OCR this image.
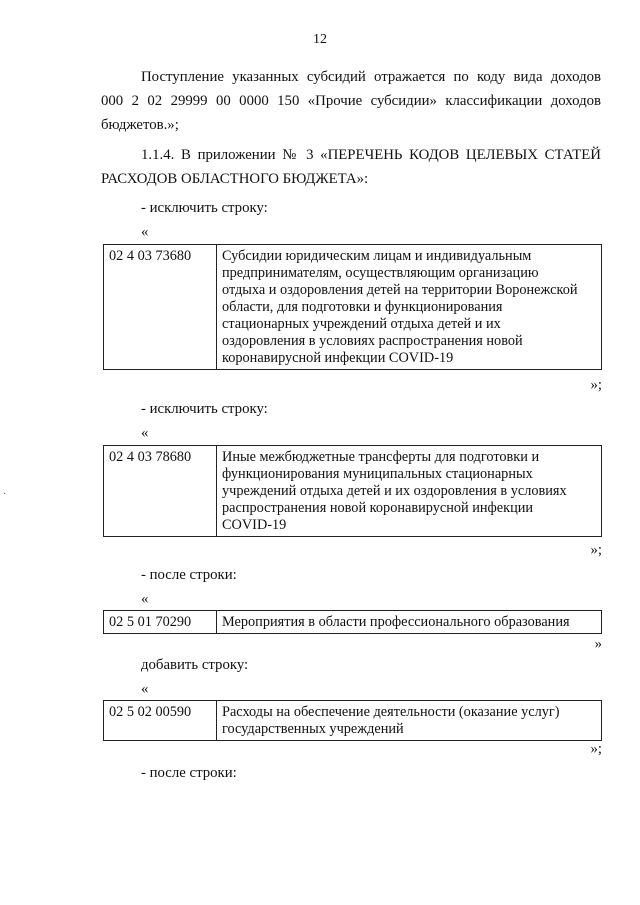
12
Поступление указанных субсидий отражается по коду вида доходов
000 2 02 29999 00 0000 150 «Прочие субсидии» классификации доходов
бюджетов.»;
1.1.4. В приложении № 3 «ПЕРЕЧЕНЬ КОДОВ ЦЕЛЕВЫХ СТАТЕЙ
РАСХОДОВ ОБЛАСТНОГО БЮДЖЕТА»:
- исключить строку:
«
02 4 03 73680	Субсидии юридическим лицам и индивидуальным
предпринимателям, осуществляющим организацию
отдыха и оздоровления детей на территории Воронежской
области, для подготовки и функционирования
стационарных учреждений отдыха детей и их
оздоровления в условиях распространения новой
коронавирусной инфекции COVID-19
»;
- исключить строку:
«
02 4 03 78680	Иные межбюджетные трансферты для подготовки и
функционирования муниципальных стационарных
учреждений отдыха детей и их оздоровления в условиях
распространения новой коронавирусной инфекции
COVID-19
»;
- после строки:
«
02 5 01 70290	Мероприятия в области профессионального образования
»
добавить строку:
«
02 5 02 00590	Расходы на обеспечение деятельности (оказание услуг)
государственных учреждений
»;
- после строки:
·
